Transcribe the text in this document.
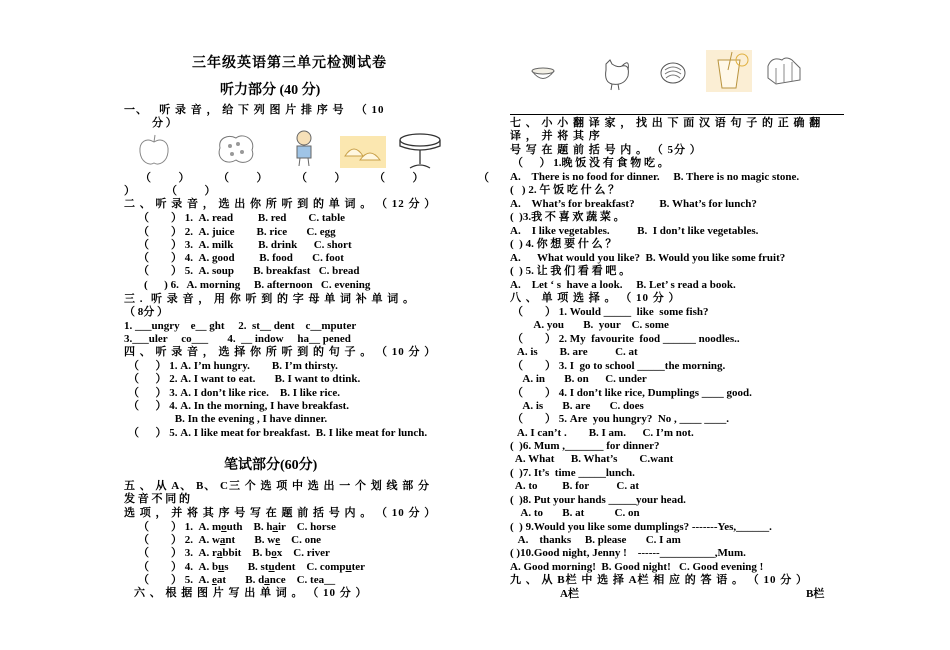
三年级英语第三单元检测试卷
听力部分 (40 分)
一、   听 录 音 ， 给 下 列 图 片 排 序 号   （ 10
分 ）
（          ）	（          ）	（          ）	（          ）	（
）	（          ）
二 、 听 录 音 ， 选 出 你 所 听 到 的 单 词 。 （ 12 分 ）
（        ） 1.  A. read         B. red        C. table
（        ） 2.  A. juice        B. rice       C. egg
（        ） 3.  A. milk         B. drink      C. short
（        ） 4.  A. good         B. food       C. foot
（        ） 5.  A. soup       B. breakfast   C. bread
(      ) 6.   A. morning     B. afternoon   C. evening
三 .  听 录 音 ， 用 你 听 到 的 字 母 单 词 补 单 词 。
（ 8分 ）
1. ___ungry    e__ ght     2.  st__ dent    c__mputer
3.___uler     co___       4.  __ indow     ha__ pened
四 、 听 录 音 ， 选 择 你 所 听 到 的 句 子 。 （ 10 分 ）
（      ） 1. A. I’m hungry.        B. I’m thirsty.
（      ） 2. A. I want to eat.       B. I want to dtink.
（      ） 3. A. I don’t like rice.    B. I like rice.
（      ） 4. A. In the morning, I have breakfast.
B. In the evening , I have dinner.
（      ） 5. A. I like meat for breakfast.  B. I like meat for lunch.
笔试部分(60分)
五 、 从 A、 B、 C三 个 选 项 中 选 出 一 个 划 线 部 分
发 音 不 同 的
选 项 ， 并 将 其 序 号 写 在 题 前 括 号 内 。 （ 10 分 ）
（        ） 1.  A. mouth    B. hair    C. horse
（        ） 2.  A. want       B. we    C. one
（        ） 3.  A. rabbit    B. box    C. river
（        ） 4.  A. bus       B. student    C. computer
（        ） 5.  A. eat       B. dance    C. tea__
六 、 根 据 图 片 写 出 单 词 。 （ 10 分 ）
七 、 小 小 翻 译 家 ， 找 出 下 面 汉 语 句 子 的 正 确 翻
译 ， 并 将 其 序
号 写 在 题 前 括 号 内 。 （ 5分 ）
（      ） 1.晚 饭 没 有 食 物 吃 。
A.    There is no food for dinner.     B. There is no magic stone.
(   ) 2. 午 饭 吃 什 么 ？
A.    What’s for breakfast?         B. What’s for lunch?
(  )3.我 不 喜 欢 蔬 菜 。
A.    I like vegetables.          B.  I don’t like vegetables.
(  ) 4. 你 想 要 什 么 ？
A.      What would you like?  B. Would you like some fruit?
(  ) 5. 让 我 们 看 看 吧 。
A.    Let ‘ s  have a look.     B. Let’ s read a book.
八 、 单 项 选 择 。 （ 10 分 ）
（        ） 1. Would _____  like  some fish?
A. you       B.  your    C. some
（        ） 2. My  favourite  food ______ noodles..
A. is        B. are          C. at
（        ） 3. I  go to school _____the morning.
A. in       B. on      C. under
（        ） 4. I don’t like rice, Dumplings ____ good.
A. is       B. are       C. does
（        ） 5. Are  you hungry?  No , ____ ____.
A. I can’t .        B. I am.      C. I’m not.
(  )6. Mum ,_______ for dinner?
A. What      B. What’s        C.want
(  )7. It’s  time _____lunch.
A. to         B. for          C. at
(  )8. Put your hands _____your head.
A. to       B. at           C. on
(  ) 9.Would you like some dumplings? -------Yes,______.
A.    thanks     B. please       C. I am
( )10.Good night, Jenny !    ------__________,Mum.
A. Good morning!  B. Good night!   C. Good evening !
九 、 从 B栏 中 选 择 A栏 相 应 的 答 语 。 （ 10 分 ）
A栏	B栏
